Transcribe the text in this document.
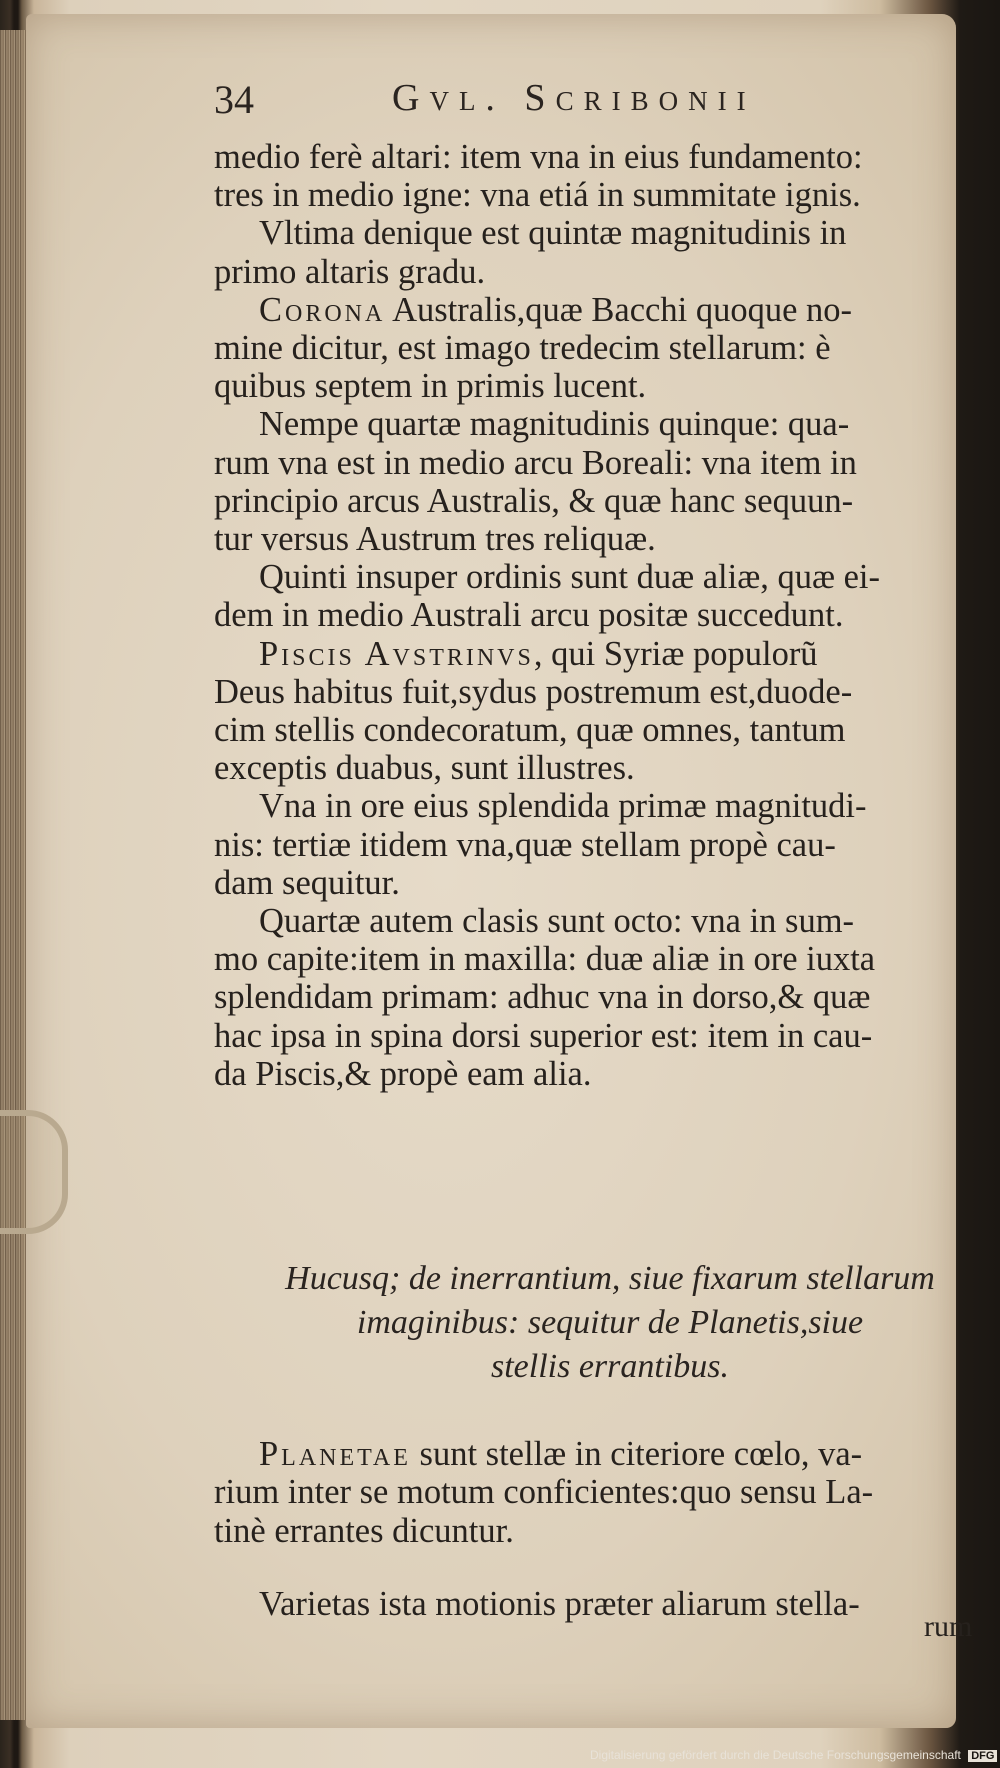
34	Gvl. Scribonii

medio ferè altari: item vna in eius fundamento:
tres in medio igne: vna etiá in summitate ignis.

Vltima denique est quintæ magnitudinis in
primo altaris gradu.

Corona Australis,quæ Bacchi quoque no-
mine dicitur, est imago tredecim stellarum: è
quibus septem in primis lucent.

Nempe quartæ magnitudinis quinque: qua-
rum vna est in medio arcu Boreali: vna item in
principio arcus Australis, & quæ hanc sequun-
tur versus Austrum tres reliquæ.

Quinti insuper ordinis sunt duæ aliæ, quæ ei-
dem in medio Australi arcu positæ succedunt.

Piscis Avstrinvs, qui Syriæ populorũ
Deus habitus fuit,sydus postremum est,duode-
cim stellis condecoratum, quæ omnes, tantum
exceptis duabus, sunt illustres.

Vna in ore eius splendida primæ magnitudi-
nis: tertiæ itidem vna,quæ stellam propè cau-
dam sequitur.

Quartæ autem clasis sunt octo: vna in sum-
mo capite:item in maxilla: duæ aliæ in ore iuxta
splendidam primam: adhuc vna in dorso,& quæ
hac ipsa in spina dorsi superior est: item in cau-
da Piscis,& propè eam alia.

Hucusq; de inerrantium, siue fixarum stellarum
imaginibus: sequitur de Planetis,siue
stellis errantibus.

Planetae sunt stellæ in citeriore cœlo, va-
rium inter se motum conficientes:quo sensu La-
tinè errantes dicuntur.

Varietas ista motionis præter aliarum stella-

rum
Digitalisierung gefördert durch die Deutsche Forschungsgemeinschaft DFG
